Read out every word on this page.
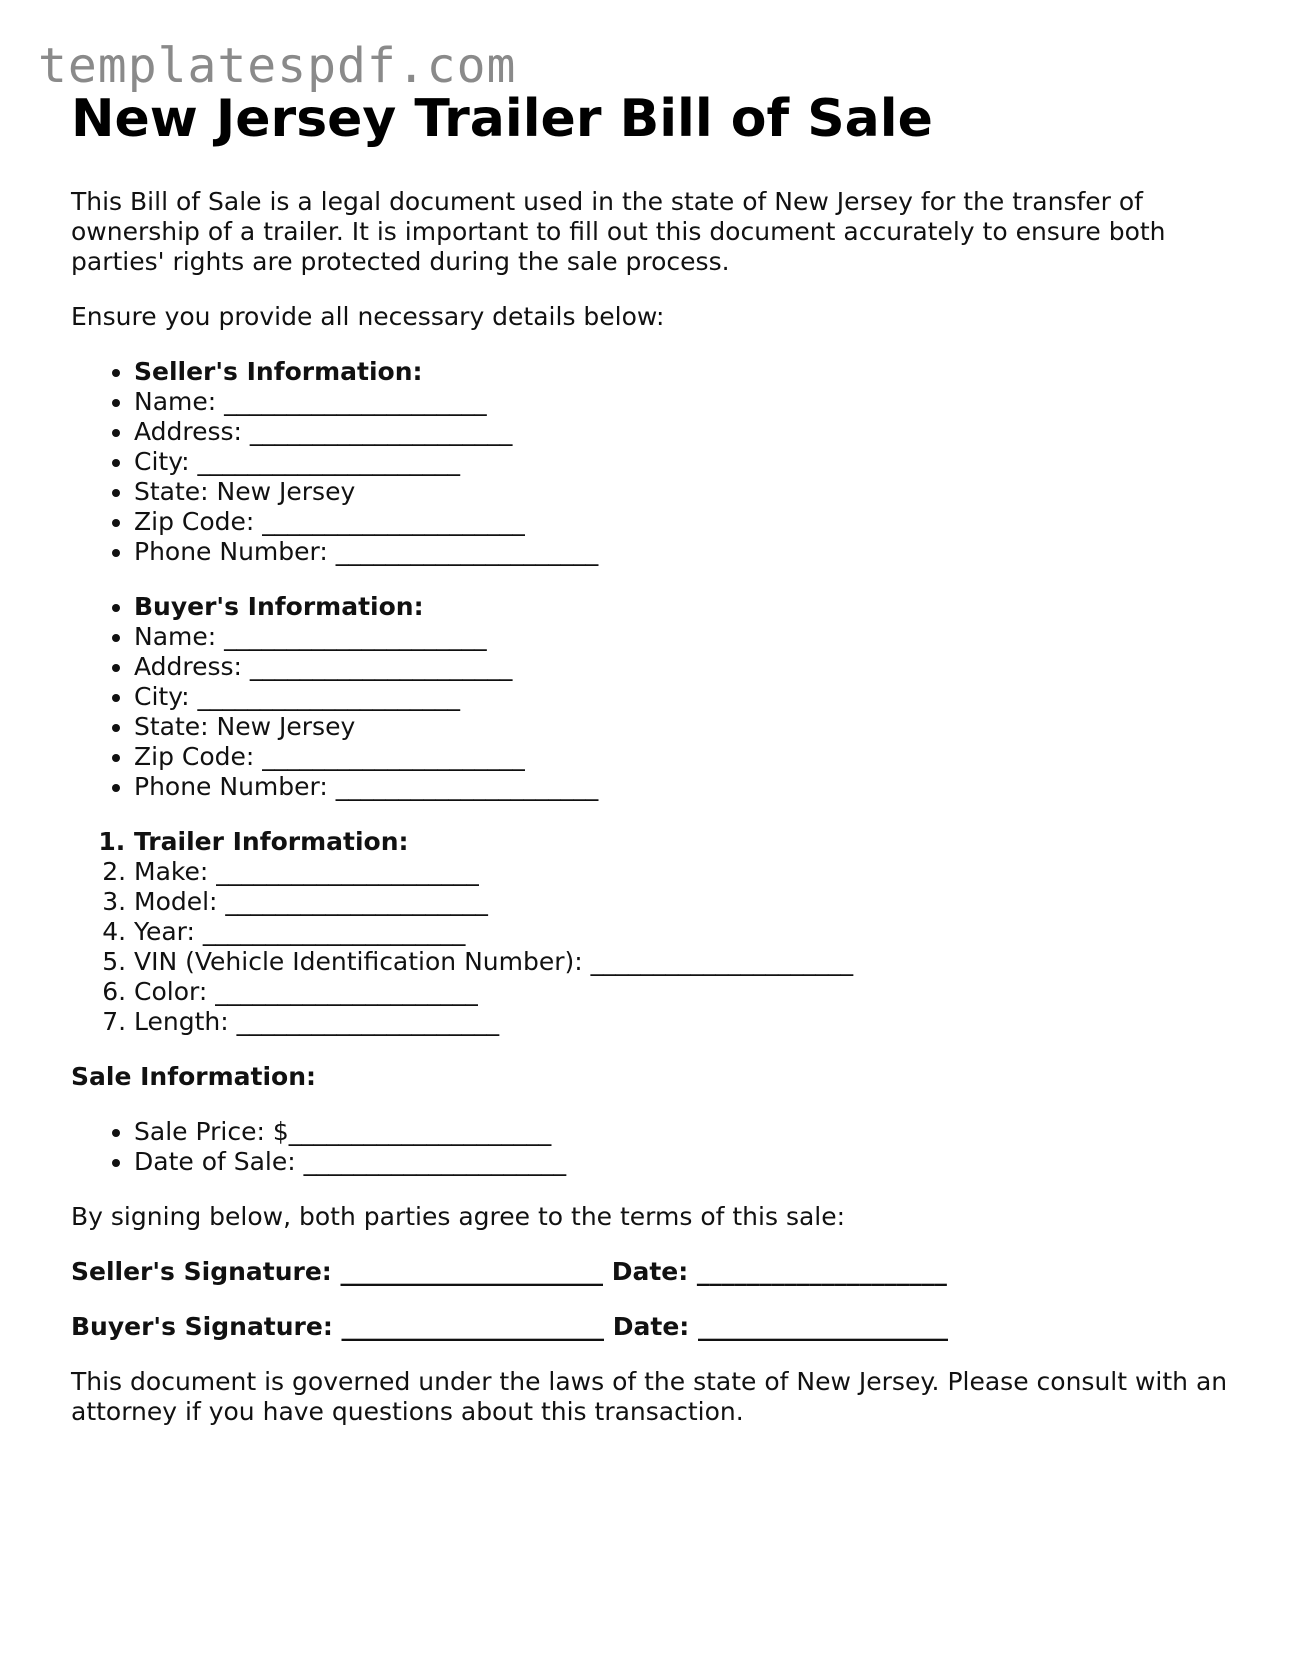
templatespdf.com
New Jersey Trailer Bill of Sale

This Bill of Sale is a legal document used in the state of New Jersey for the transfer of ownership of a trailer. It is important to fill out this document accurately to ensure both parties' rights are protected during the sale process.

Ensure you provide all necessary details below:

• Seller's Information:
• Name: _____________________
• Address: _____________________
• City: _____________________
• State: New Jersey
• Zip Code: _____________________
• Phone Number: _____________________
• Buyer's Information:
• Name: _____________________
• Address: _____________________
• City: _____________________
• State: New Jersey
• Zip Code: _____________________
• Phone Number: _____________________
1. Trailer Information:
2. Make: _____________________
3. Model: _____________________
4. Year: _____________________
5. VIN (Vehicle Identification Number): _____________________
6. Color: _____________________
7. Length: _____________________
Sale Information:
• Sale Price: $_____________________
• Date of Sale: _____________________

By signing below, both parties agree to the terms of this sale:

Seller's Signature: _____________________ Date: ____________________
Buyer's Signature: _____________________ Date: ____________________

This document is governed under the laws of the state of New Jersey. Please consult with an attorney if you have questions about this transaction.
